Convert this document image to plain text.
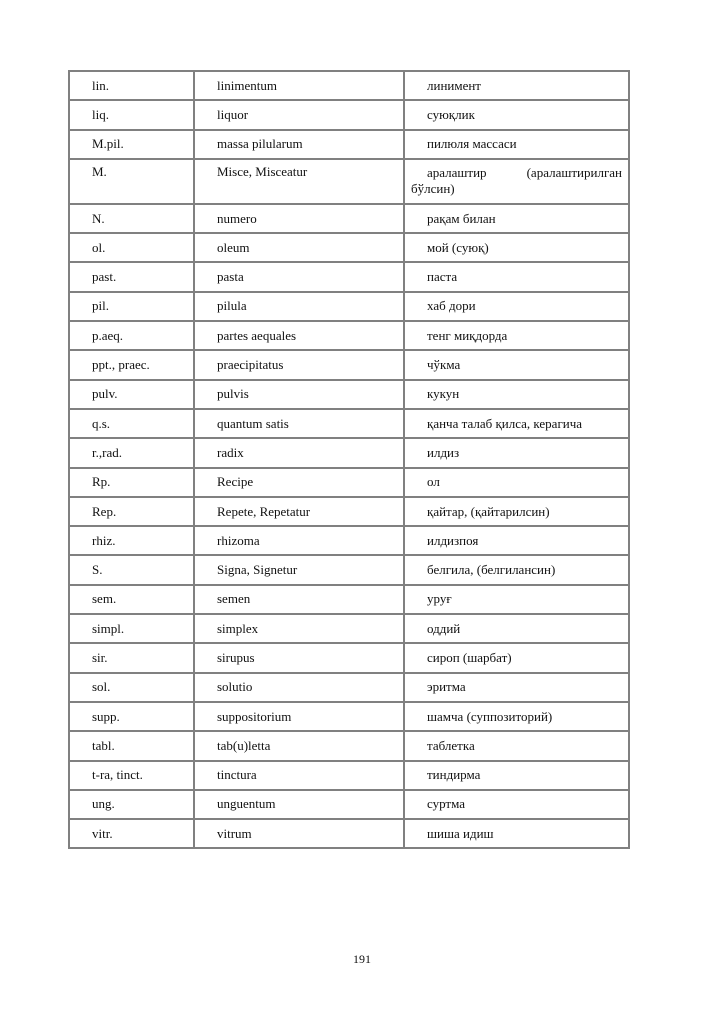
lin.	linimentum	линимент
liq.	liquor	суюқлик
M.pil.	massa pilularum	пилюля массаси
M.	Misce, Misceatur	аралаштир (аралаштирилган бўлсин)
N.	numero	рақам билан
ol.	oleum	мой (суюқ)
past.	pasta	паста
pil.	pilula	хаб дори
p.aeq.	partes aequales	тенг миқдорда
ppt., praec.	praecipitatus	чўкма
pulv.	pulvis	кукун
q.s.	quantum satis	қанча талаб қилса, керагича
r.,rad.	radix	илдиз
Rp.	Recipe	ол
Rep.	Repete, Repetatur	қайтар, (қайтарилсин)
rhiz.	rhizoma	илдизпоя
S.	Signa, Signetur	белгила, (белгилансин)
sem.	semen	уруғ
simpl.	simplex	оддий
sir.	sirupus	сироп (шарбат)
sol.	solutio	эритма
supp.	suppositorium	шамча (суппозиторий)
tabl.	tab(u)letta	таблетка
t-ra, tinct.	tinctura	тиндирма
ung.	unguentum	суртма
vitr.	vitrum	шиша идиш
191
